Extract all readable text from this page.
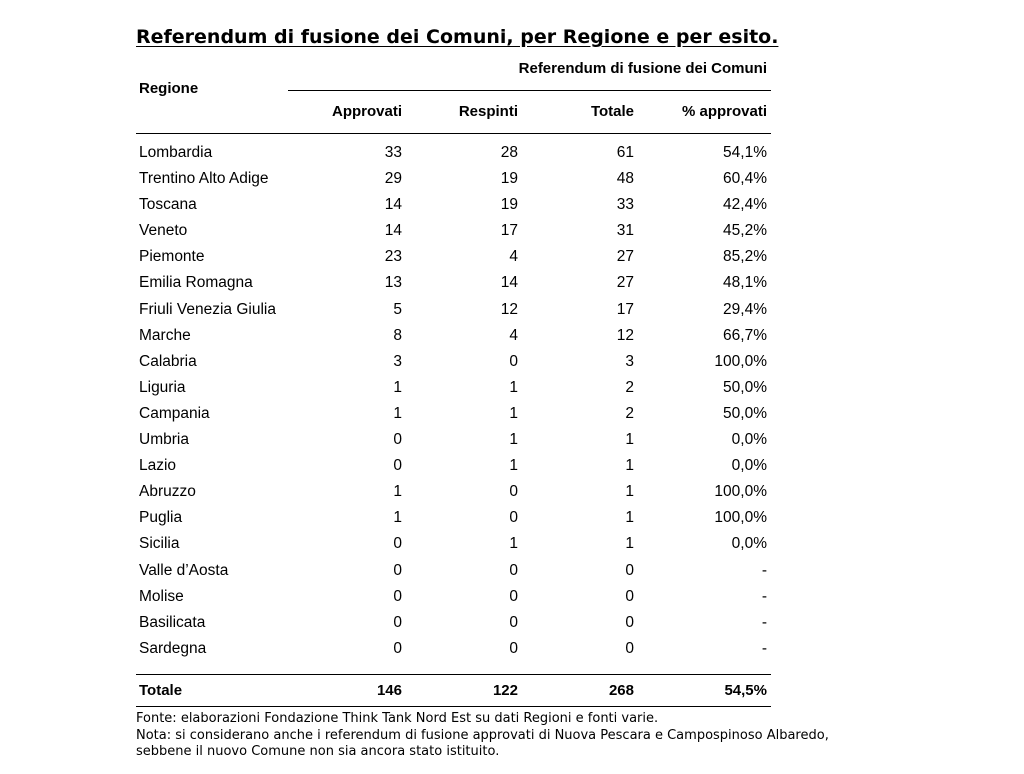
Referendum di fusione dei Comuni, per Regione e per esito.
Regione
Referendum di fusione dei Comuni
Approvati	Respinti	Totale	% approvati
Lombardia	33	28	61	54,1%
Trentino Alto Adige	29	19	48	60,4%
Toscana	14	19	33	42,4%
Veneto	14	17	31	45,2%
Piemonte	23	4	27	85,2%
Emilia Romagna	13	14	27	48,1%
Friuli Venezia Giulia	5	12	17	29,4%
Marche	8	4	12	66,7%
Calabria	3	0	3	100,0%
Liguria	1	1	2	50,0%
Campania	1	1	2	50,0%
Umbria	0	1	1	0,0%
Lazio	0	1	1	0,0%
Abruzzo	1	0	1	100,0%
Puglia	1	0	1	100,0%
Sicilia	0	1	1	0,0%
Valle d’Aosta	0	0	0	-
Molise	0	0	0	-
Basilicata	0	0	0	-
Sardegna	0	0	0	-
Totale	146	122	268	54,5%
Fonte: elaborazioni Fondazione Think Tank Nord Est su dati Regioni e fonti varie.
Nota: si considerano anche i referendum di fusione approvati di Nuova Pescara e Campospinoso Albaredo,
sebbene il nuovo Comune non sia ancora stato istituito.
